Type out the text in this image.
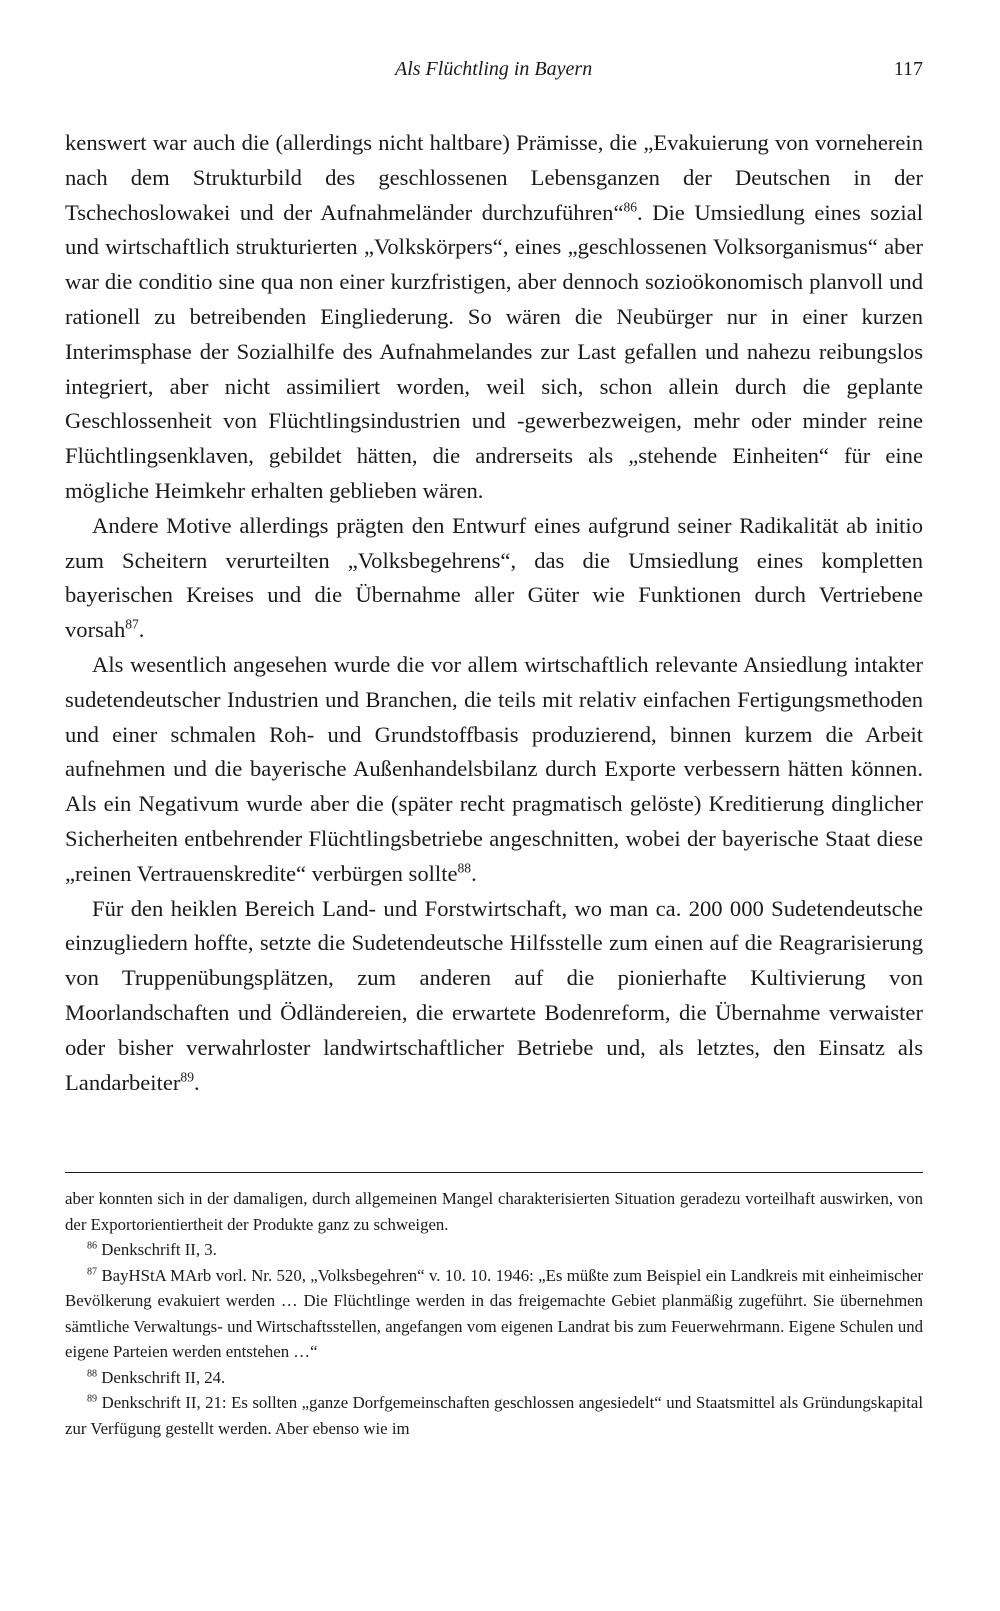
Als Flüchtling in Bayern	117

kenswert war auch die (allerdings nicht haltbare) Prämisse, die „Evakuierung von vorneherein nach dem Strukturbild des geschlossenen Lebensganzen der Deutschen in der Tschechoslowakei und der Aufnahmeländer durchzuführen“$^{86}$. Die Umsiedlung eines sozial und wirtschaftlich strukturierten „Volkskörpers“, eines „geschlossenen Volksorganismus“ aber war die conditio sine qua non einer kurzfristigen, aber dennoch sozioökonomisch planvoll und rationell zu betreibenden Eingliederung. So wären die Neubürger nur in einer kurzen Interimsphase der Sozialhilfe des Aufnahmelandes zur Last gefallen und nahezu reibungslos integriert, aber nicht assimiliert worden, weil sich, schon allein durch die geplante Geschlossenheit von Flüchtlingsindustrien und -gewerbezweigen, mehr oder minder reine Flüchtlingsenklaven, gebildet hätten, die andrerseits als „stehende Einheiten“ für eine mögliche Heimkehr erhalten geblieben wären.

Andere Motive allerdings prägten den Entwurf eines aufgrund seiner Radikalität ab initio zum Scheitern verurteilten „Volksbegehrens“, das die Umsiedlung eines kompletten bayerischen Kreises und die Übernahme aller Güter wie Funktionen durch Vertriebene vorsah$^{87}$.

Als wesentlich angesehen wurde die vor allem wirtschaftlich relevante Ansiedlung intakter sudetendeutscher Industrien und Branchen, die teils mit relativ einfachen Fertigungsmethoden und einer schmalen Roh- und Grundstoffbasis produzierend, binnen kurzem die Arbeit aufnehmen und die bayerische Außenhandelsbilanz durch Exporte verbessern hätten können. Als ein Negativum wurde aber die (später recht pragmatisch gelöste) Kreditierung dinglicher Sicherheiten entbehrender Flüchtlingsbetriebe angeschnitten, wobei der bayerische Staat diese „reinen Vertrauenskredite“ verbürgen sollte$^{88}$.

Für den heiklen Bereich Land- und Forstwirtschaft, wo man ca. 200 000 Sudetendeutsche einzugliedern hoffte, setzte die Sudetendeutsche Hilfsstelle zum einen auf die Reagrarisierung von Truppenübungsplätzen, zum anderen auf die pionierhafte Kultivierung von Moorlandschaften und Ödländereien, die erwartete Bodenreform, die Übernahme verwaister oder bisher verwahrloster landwirtschaftlicher Betriebe und, als letztes, den Einsatz als Landarbeiter$^{89}$.

aber konnten sich in der damaligen, durch allgemeinen Mangel charakterisierten Situation geradezu vorteilhaft auswirken, von der Exportorientiertheit der Produkte ganz zu schweigen.

$^{86}$ Denkschrift II, 3.

$^{87}$ BayHStA MArb vorl. Nr. 520, „Volksbegehren“ v. 10. 10. 1946: „Es müßte zum Beispiel ein Landkreis mit einheimischer Bevölkerung evakuiert werden … Die Flüchtlinge werden in das freigemachte Gebiet planmäßig zugeführt. Sie übernehmen sämtliche Verwaltungs- und Wirtschaftsstellen, angefangen vom eigenen Landrat bis zum Feuerwehrmann. Eigene Schulen und eigene Parteien werden entstehen …“

$^{88}$ Denkschrift II, 24.

$^{89}$ Denkschrift II, 21: Es sollten „ganze Dorfgemeinschaften geschlossen angesiedelt“ und Staatsmittel als Gründungskapital zur Verfügung gestellt werden. Aber ebenso wie im
